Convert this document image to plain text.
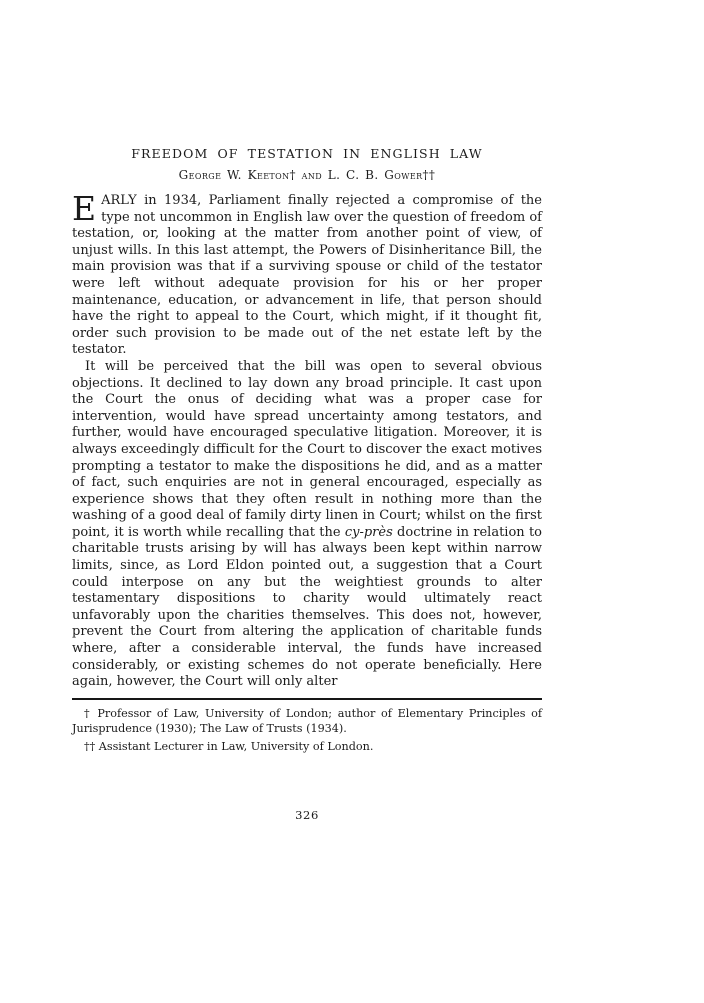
FREEDOM OF TESTATION IN ENGLISH LAW
George W. Keeton† and L. C. B. Gower††

EARLY in 1934, Parliament finally rejected a compromise of the type not uncommon in English law over the question of freedom of testation, or, looking at the matter from another point of view, of unjust wills. In this last attempt, the Powers of Disinheritance Bill, the main provision was that if a surviving spouse or child of the testator were left without adequate provision for his or her proper maintenance, education, or advancement in life, that person should have the right to appeal to the Court, which might, if it thought fit, order such provision to be made out of the net estate left by the testator.

It will be perceived that the bill was open to several obvious objections. It declined to lay down any broad principle. It cast upon the Court the onus of deciding what was a proper case for intervention, would have spread uncertainty among testators, and further, would have encouraged speculative litigation. Moreover, it is always exceedingly difficult for the Court to discover the exact motives prompting a testator to make the dispositions he did, and as a matter of fact, such enquiries are not in general encouraged, especially as experience shows that they often result in nothing more than the washing of a good deal of family dirty linen in Court; whilst on the first point, it is worth while recalling that the cy-près doctrine in relation to charitable trusts arising by will has always been kept within narrow limits, since, as Lord Eldon pointed out, a suggestion that a Court could interpose on any but the weightiest grounds to alter testamentary dispositions to charity would ultimately react unfavorably upon the charities themselves. This does not, however, prevent the Court from altering the application of charitable funds where, after a considerable interval, the funds have increased considerably, or existing schemes do not operate beneficially. Here again, however, the Court will only alter

† Professor of Law, University of London; author of Elementary Principles of Jurisprudence (1930); The Law of Trusts (1934).

†† Assistant Lecturer in Law, University of London.

326
